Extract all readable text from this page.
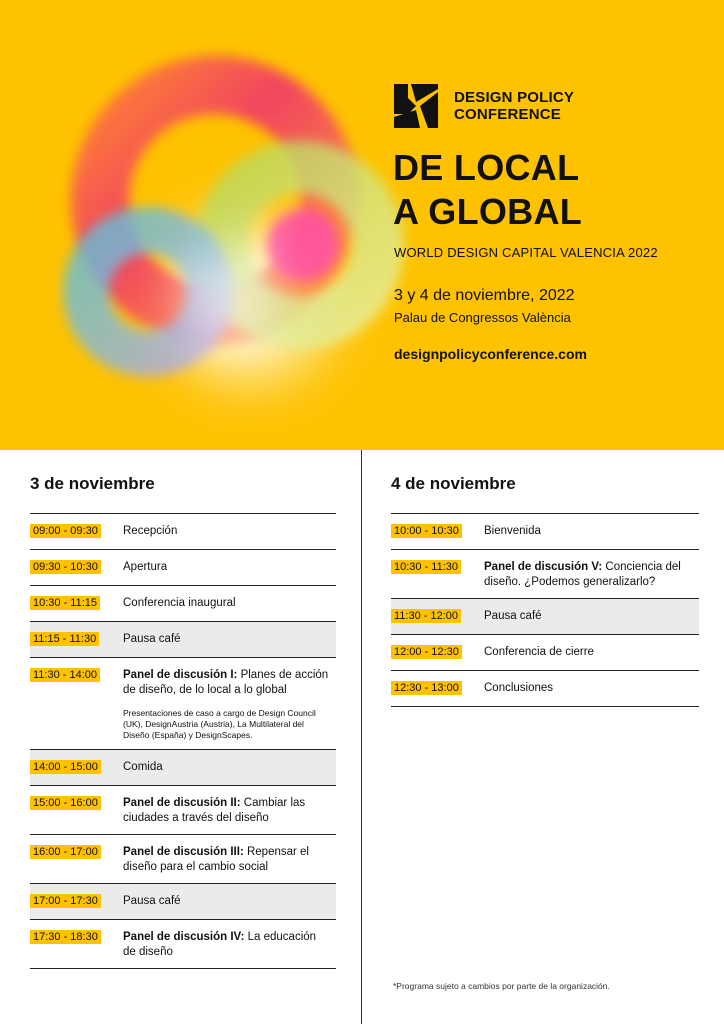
DESIGN POLICY
CONFERENCE
DE LOCAL
A GLOBAL
WORLD DESIGN CAPITAL VALENCIA 2022
3 y 4 de noviembre, 2022
Palau de Congressos València
designpolicyconference.com
3 de noviembre
09:00 - 09:30 Recepción
09:30 - 10:30 Apertura
10:30 - 11:15 Conferencia inaugural
11:15 - 11:30 Pausa café
11:30 - 14:00 Panel de discusión I: Planes de acción de diseño, de lo local a lo global
Presentaciones de caso a cargo de Design Council (UK), DesignAustria (Austria), La Multilateral del Diseño (España) y DesignScapes.
14:00 - 15:00 Comida
15:00 - 16:00 Panel de discusión II: Cambiar las ciudades a través del diseño
16:00 - 17:00 Panel de discusión III: Repensar el diseño para el cambio social
17:00 - 17:30 Pausa café
17:30 - 18:30 Panel de discusión IV: La educación de diseño
4 de noviembre
10:00 - 10:30 Bienvenida
10:30 - 11:30 Panel de discusión V: Conciencia del diseño. ¿Podemos generalizarlo?
11:30 - 12:00 Pausa café
12:00 - 12:30 Conferencia de cierre
12:30 - 13:00 Conclusiones
*Programa sujeto a cambios por parte de la organización.
